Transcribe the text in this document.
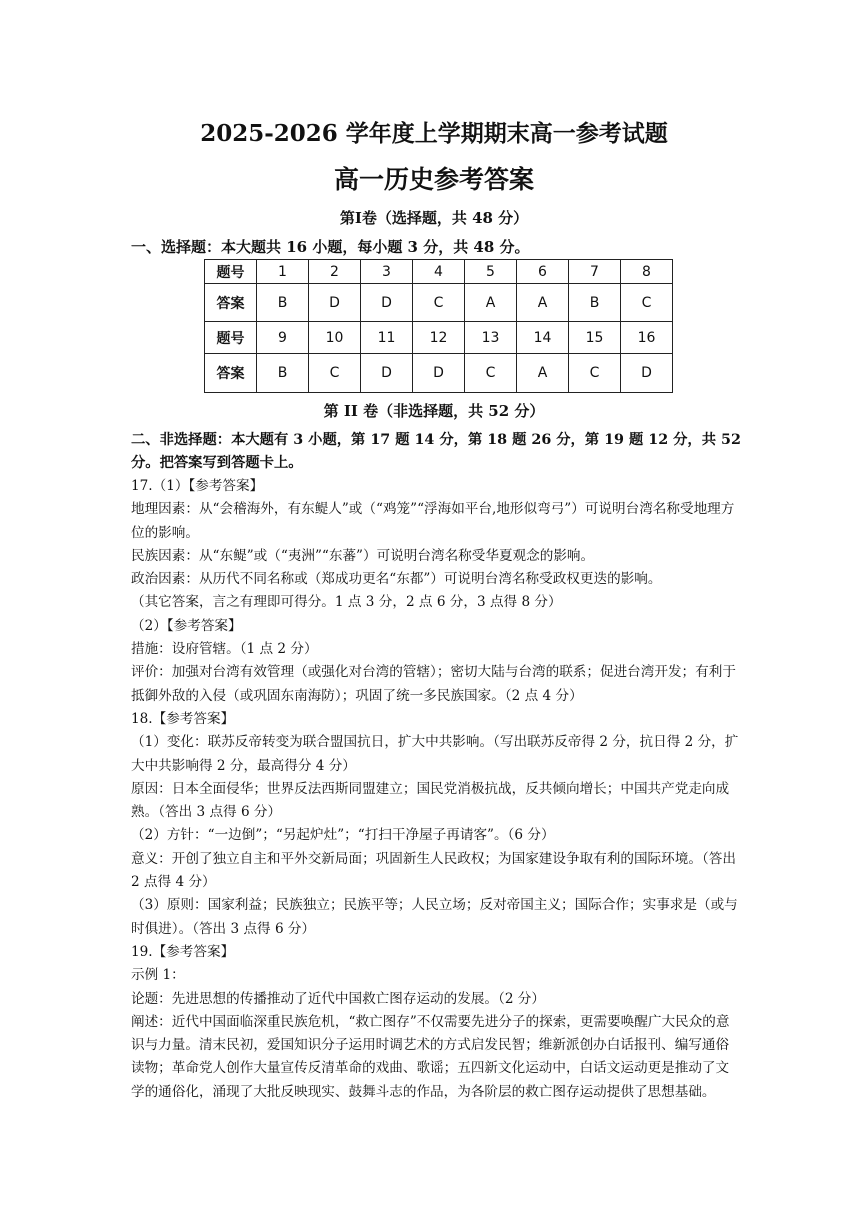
2025-2026 学年度上学期期末高一参考试题
高一历史参考答案
第Ⅰ卷（选择题，共 48 分）
一、选择题：本大题共 16 小题，每小题 3 分，共 48 分。
题号	1	2	3	4	5	6	7	8
答案	B	D	D	C	A	A	B	C
题号	9	10	11	12	13	14	15	16
答案	B	C	D	D	C	A	C	D
第 II 卷（非选择题，共 52 分）
二、非选择题：本大题有 3 小题，第 17 题 14 分，第 18 题 26 分，第 19 题 12 分，共 52 分。把答案写到答题卡上。

17.（1）【参考答案】

地理因素：从“会稽海外，有东鳀人”或（“鸡笼”“浮海如平台,地形似弯弓”）可说明台湾名称受地理方位的影响。

民族因素：从“东鳀”或（“夷洲”“东蕃”）可说明台湾名称受华夏观念的影响。

政治因素：从历代不同名称或（郑成功更名“东都”）可说明台湾名称受政权更迭的影响。

（其它答案，言之有理即可得分。1 点 3 分，2 点 6 分，3 点得 8 分）

（2）【参考答案】

措施：设府管辖。（1 点 2 分）

评价：加强对台湾有效管理（或强化对台湾的管辖）；密切大陆与台湾的联系；促进台湾开发；有利于抵御外敌的入侵（或巩固东南海防）；巩固了统一多民族国家。（2 点 4 分）

18.【参考答案】

（1）变化：联苏反帝转变为联合盟国抗日，扩大中共影响。（写出联苏反帝得 2 分，抗日得 2 分，扩大中共影响得 2 分，最高得分 4 分）

原因：日本全面侵华；世界反法西斯同盟建立；国民党消极抗战，反共倾向增长；中国共产党走向成熟。（答出 3 点得 6 分）

（2）方针：“一边倒”；“另起炉灶”；“打扫干净屋子再请客”。（6 分）

意义：开创了独立自主和平外交新局面；巩固新生人民政权；为国家建设争取有利的国际环境。（答出 2 点得 4 分）

（3）原则：国家利益；民族独立；民族平等；人民立场；反对帝国主义；国际合作；实事求是（或与时俱进）。（答出 3 点得 6 分）

19.【参考答案】

示例 1：

论题：先进思想的传播推动了近代中国救亡图存运动的发展。（2 分）

阐述：近代中国面临深重民族危机，“救亡图存”不仅需要先进分子的探索，更需要唤醒广大民众的意识与力量。清末民初，爱国知识分子运用时调艺术的方式启发民智；维新派创办白话报刊、编写通俗读物；革命党人创作大量宣传反清革命的戏曲、歌谣；五四新文化运动中，白话文运动更是推动了文学的通俗化，涌现了大批反映现实、鼓舞斗志的作品，为各阶层的救亡图存运动提供了思想基础。
